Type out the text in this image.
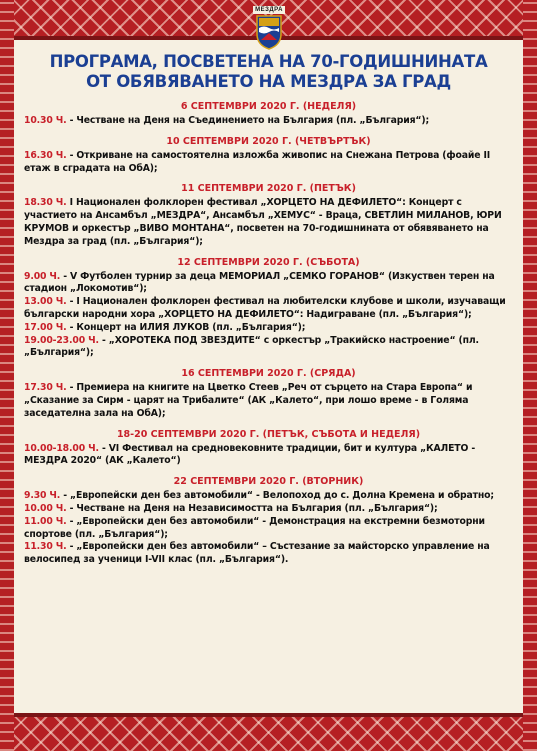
МЕЗДРА
ПРОГРАМА, ПОСВЕТЕНА НА 70-ГОДИШНИНАТА
ОТ ОБЯВЯВАНЕТО НА МЕЗДРА ЗА ГРАД
6 СЕПТЕМВРИ 2020 Г. (НЕДЕЛЯ)
10.30 Ч. - Честване на Деня на Съединението на България (пл. „България“);
10 СЕПТЕМВРИ 2020 Г. (ЧЕТВЪРТЪК)
16.30 Ч. - Откриване на самостоятелна изложба живопис на Снежана Петрова (фоайе II етаж в сградата на ОбА);
11 СЕПТЕМВРИ 2020 Г. (ПЕТЪК)
18.30 Ч. I Национален фолклорен фестивал „ХОРЦЕТО НА ДЕФИЛЕТО“: Концерт с участието на Ансамбъл „МЕЗДРА“, Ансамбъл „ХЕМУС“ - Враца, СВЕТЛИН МИЛАНОВ, ЮРИ КРУМОВ и оркестър „ВИВО МОНТАНА“, посветен на 70-годишнината от обявяването на Мездра за град (пл. „България“);
12 СЕПТЕМВРИ 2020 Г. (СЪБОТА)
9.00 Ч. - V Футболен турнир за деца МЕМОРИАЛ „СЕМКО ГОРАНОВ“ (Изкуствен терен на стадион „Локомотив“);
13.00 Ч. - I Национален фолклорен фестивал на любителски клубове и школи, изучаващи български народни хора „ХОРЦЕТО НА ДЕФИЛЕТО“: Надиграване (пл. „България“);
17.00 Ч. - Концерт на ИЛИЯ ЛУКОВ (пл. „България“);
19.00-23.00 Ч. - „ХОРОТЕКА ПОД ЗВЕЗДИТЕ“ с оркестър „Тракийско настроение“ (пл. „България“);
16 СЕПТЕМВРИ 2020 Г. (СРЯДА)
17.30 Ч. - Премиера на книгите на Цветко Стеев „Реч от сърцето на Стара Европа“ и „Сказание за Сирм - царят на Трибалите“ (АК „Калето“, при лошо време - в Голяма заседателна зала на ОбА);
18-20 СЕПТЕМВРИ 2020 Г. (ПЕТЪК, СЪБОТА И НЕДЕЛЯ)
10.00-18.00 Ч. - VI Фестивал на средновековните традиции, бит и култура „КАЛЕТО - МЕЗДРА 2020“ (АК „Калето“)
22 СЕПТЕМВРИ 2020 Г. (ВТОРНИК)
9.30 Ч. - „Европейски ден без автомобили“ - Велопоход до с. Долна Кремена и обратно;
10.00 Ч. - Честване на Деня на Независимостта на България (пл. „България“);
11.00 Ч. - „Европейски ден без автомобили“ - Демонстрация на екстремни безмоторни спортове (пл. „България“);
11.30 Ч. - „Европейски ден без автомобили“ – Състезание за майсторско управление на велосипед за ученици I-VII клас (пл. „България“).
